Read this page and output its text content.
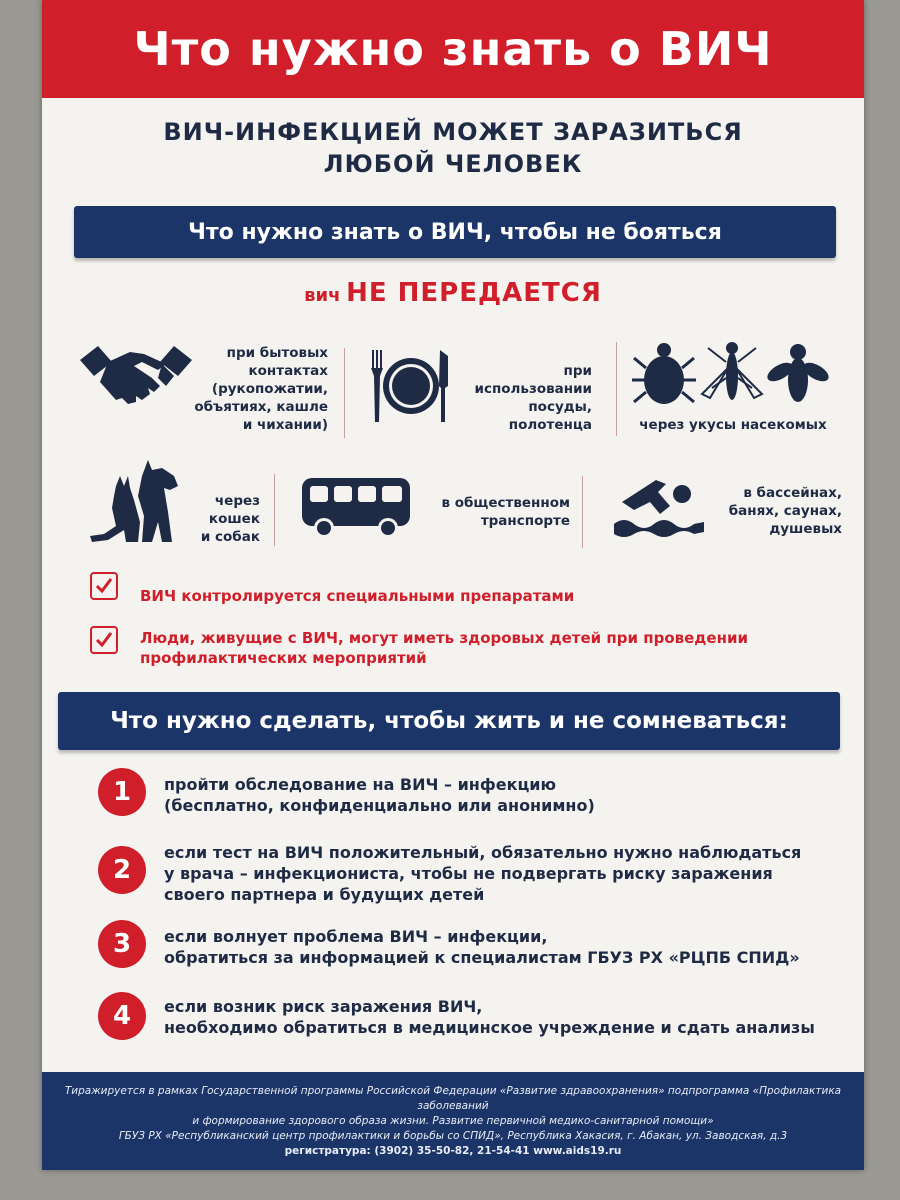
Что нужно знать о ВИЧ
ВИЧ-ИНФЕКЦИЕЙ МОЖЕТ ЗАРАЗИТЬСЯ
ЛЮБОЙ ЧЕЛОВЕК
Что нужно знать о ВИЧ, чтобы не бояться
вич НЕ ПЕРЕДАЕТСЯ
при бытовых
контактах
(рукопожатии,
объятиях, кашле
и чихании)
при
использовании
посуды,
полотенца	через укусы насекомых
через
кошек
и собак
в общественном
транспорте
в бассейнах,
банях, саунах,
душевых
ВИЧ контролируется специальными препаратами
Люди, живущие с ВИЧ, могут иметь здоровых детей при проведении
профилактических мероприятий
Что нужно сделать, чтобы жить и не сомневаться:
1	пройти обследование на ВИЧ – инфекцию
(бесплатно, конфиденциально или анонимно)
2
если тест на ВИЧ положительный, обязательно нужно наблюдаться
у врача – инфекциониста, чтобы не подвергать риску заражения
своего партнера и будущих детей
3	если волнует проблема ВИЧ – инфекции,
обратиться за информацией к специалистам ГБУЗ РХ «РЦПБ СПИД»
4	если возник риск заражения ВИЧ,
необходимо обратиться в медицинское учреждение и сдать анализы
Тиражируется в рамках Государственной программы Российской Федерации «Развитие здравоохранения» подпрограмма «Профилактика заболеваний
и формирование здорового образа жизни. Развитие первичной медико-санитарной помощи»
ГБУЗ РХ «Республиканский центр профилактики и борьбы со СПИД», Республика Хакасия, г. Абакан, ул. Заводская, д.3
регистратура: (3902) 35-50-82, 21-54-41 www.aids19.ru
